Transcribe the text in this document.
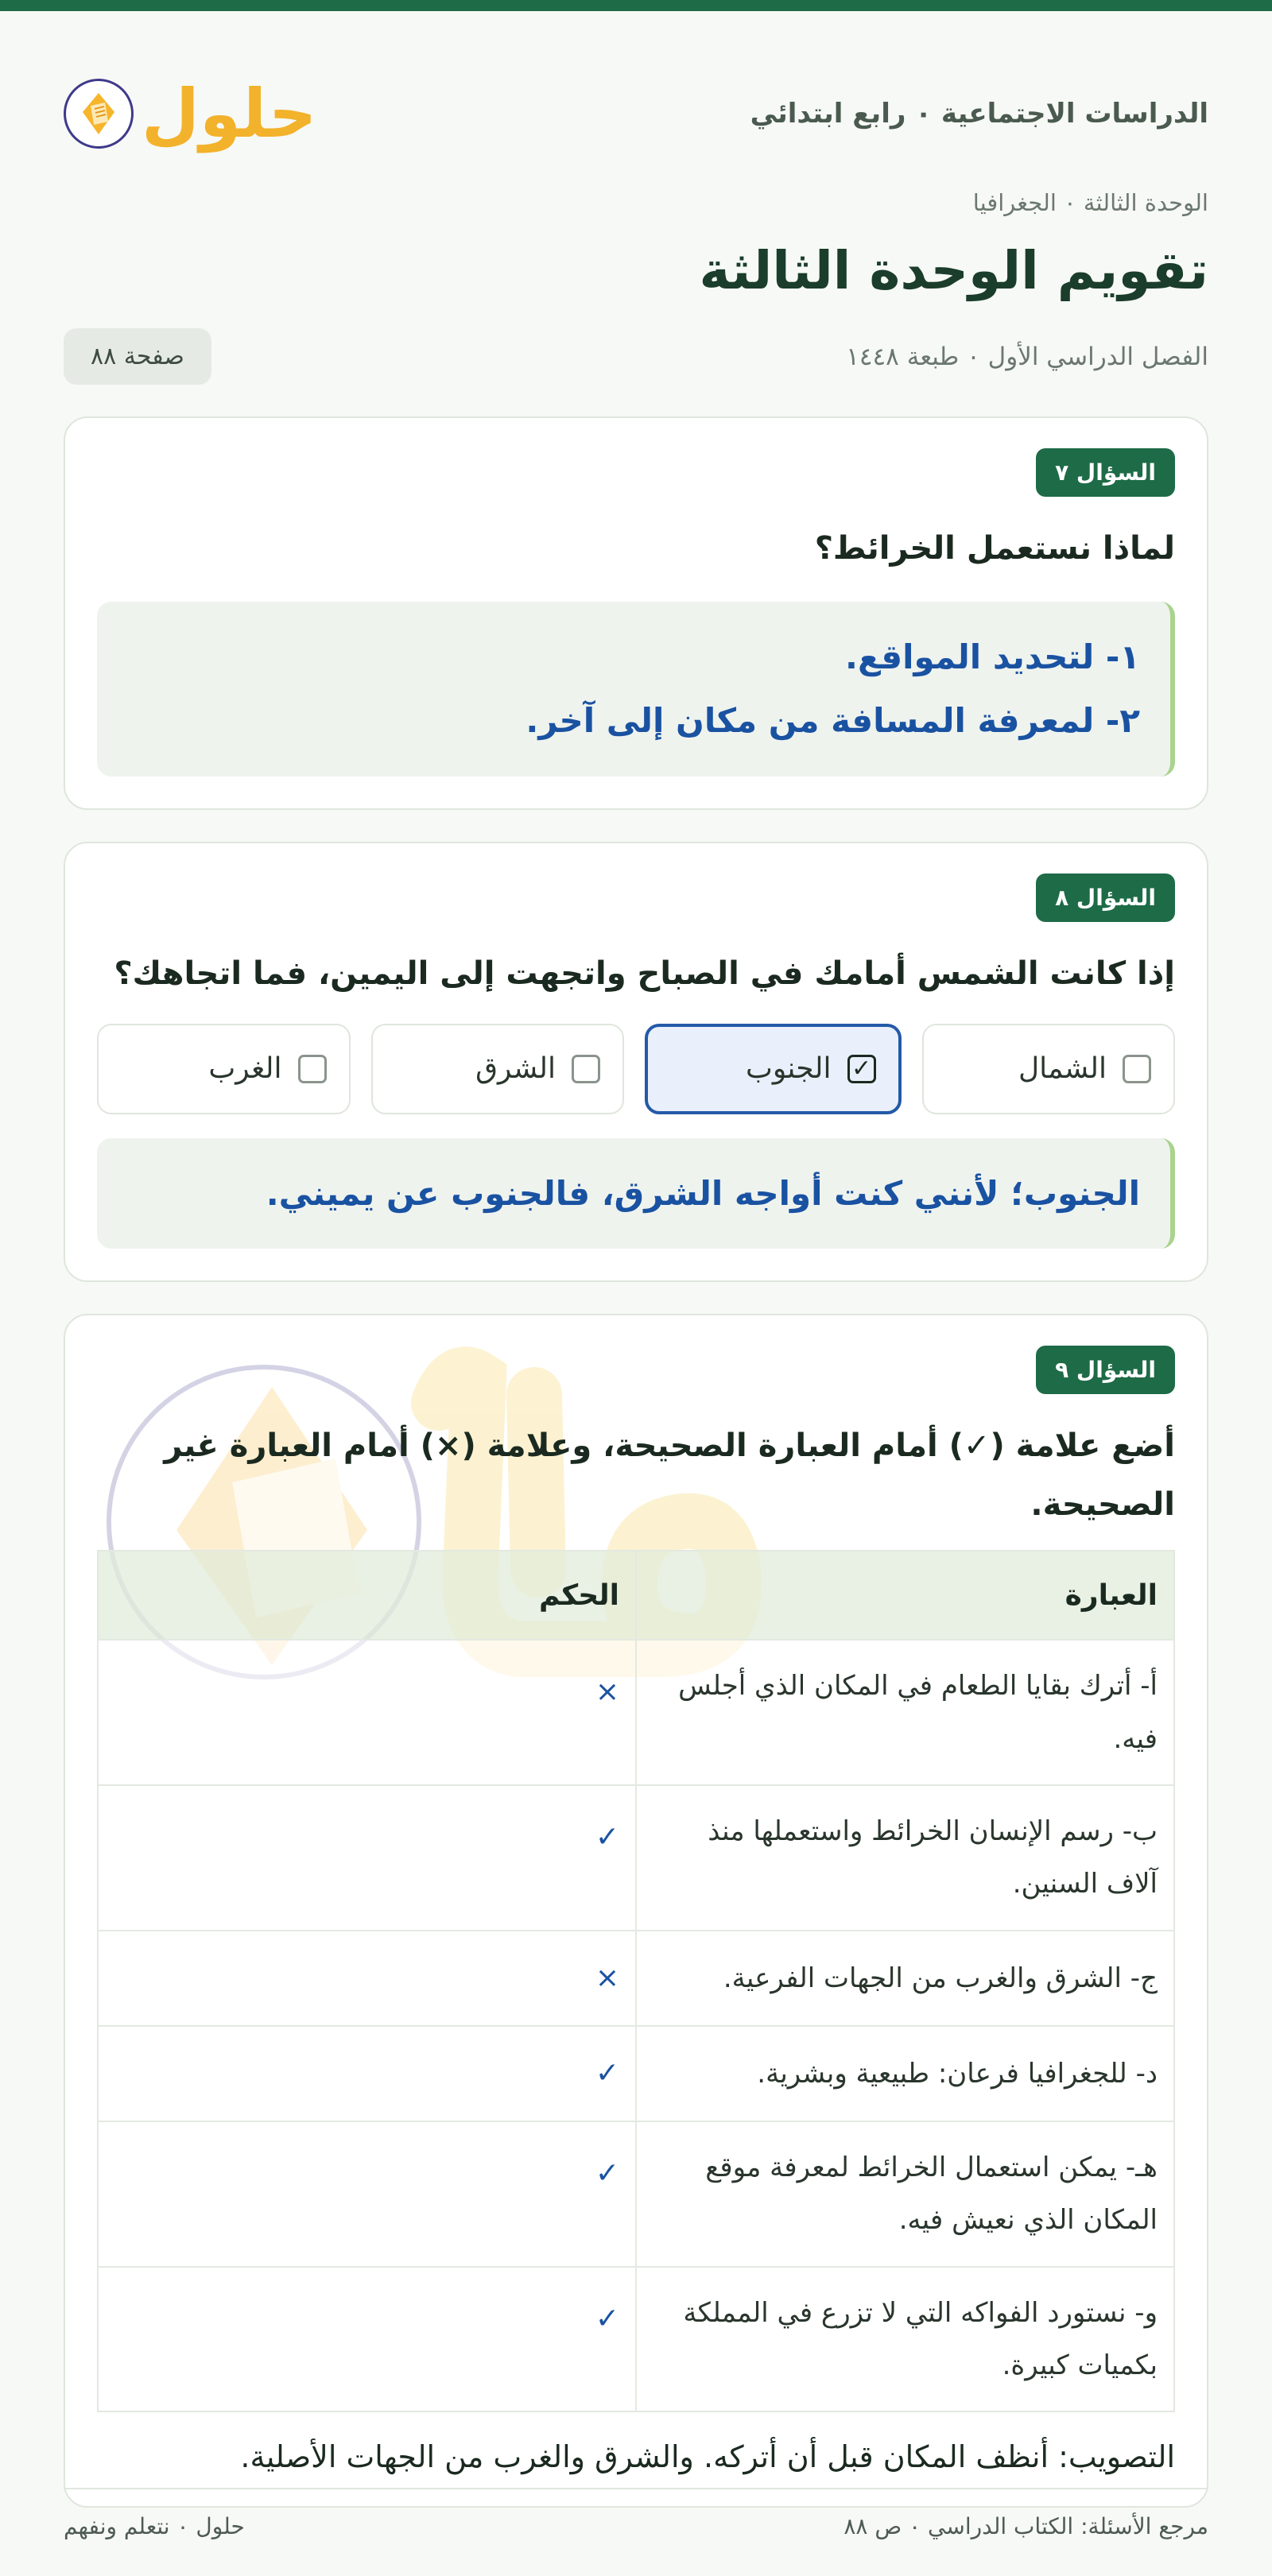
الدراسات الاجتماعية ٠ رابع ابتدائي
حلول
الوحدة الثالثة ٠ الجغرافيا
تقويم الوحدة الثالثة
الفصل الدراسي الأول ٠ طبعة ١٤٤٨
صفحة ٨٨
السؤال ٧
لماذا نستعمل الخرائط؟
١- لتحديد المواقع.
٢- لمعرفة المسافة من مكان إلى آخر.
السؤال ٨
إذا كانت الشمس أمامك في الصباح واتجهت إلى اليمين، فما اتجاهك؟
الشمال
✓
الجنوب
الشرق
الغرب
الجنوب؛ لأنني كنت أواجه الشرق، فالجنوب عن يميني.
السؤال ٩
أضع علامة (✓) أمام العبارة الصحيحة، وعلامة (×) أمام العبارة غير الصحيحة.
العبارة	الحكم
أ- أترك بقايا الطعام في المكان الذي أجلس فيه.	×
ب- رسم الإنسان الخرائط واستعملها منذ آلاف السنين.	✓
ج- الشرق والغرب من الجهات الفرعية.	×
د- للجغرافيا فرعان: طبيعية وبشرية.	✓
هـ- يمكن استعمال الخرائط لمعرفة موقع المكان الذي نعيش فيه.	✓
و- نستورد الفواكه التي لا تزرع في المملكة بكميات كبيرة.	✓
التصويب: أنظف المكان قبل أن أتركه. والشرق والغرب من الجهات الأصلية.
مرجع الأسئلة: الكتاب الدراسي ٠ ص ٨٨
حلول ٠ نتعلم ونفهم
